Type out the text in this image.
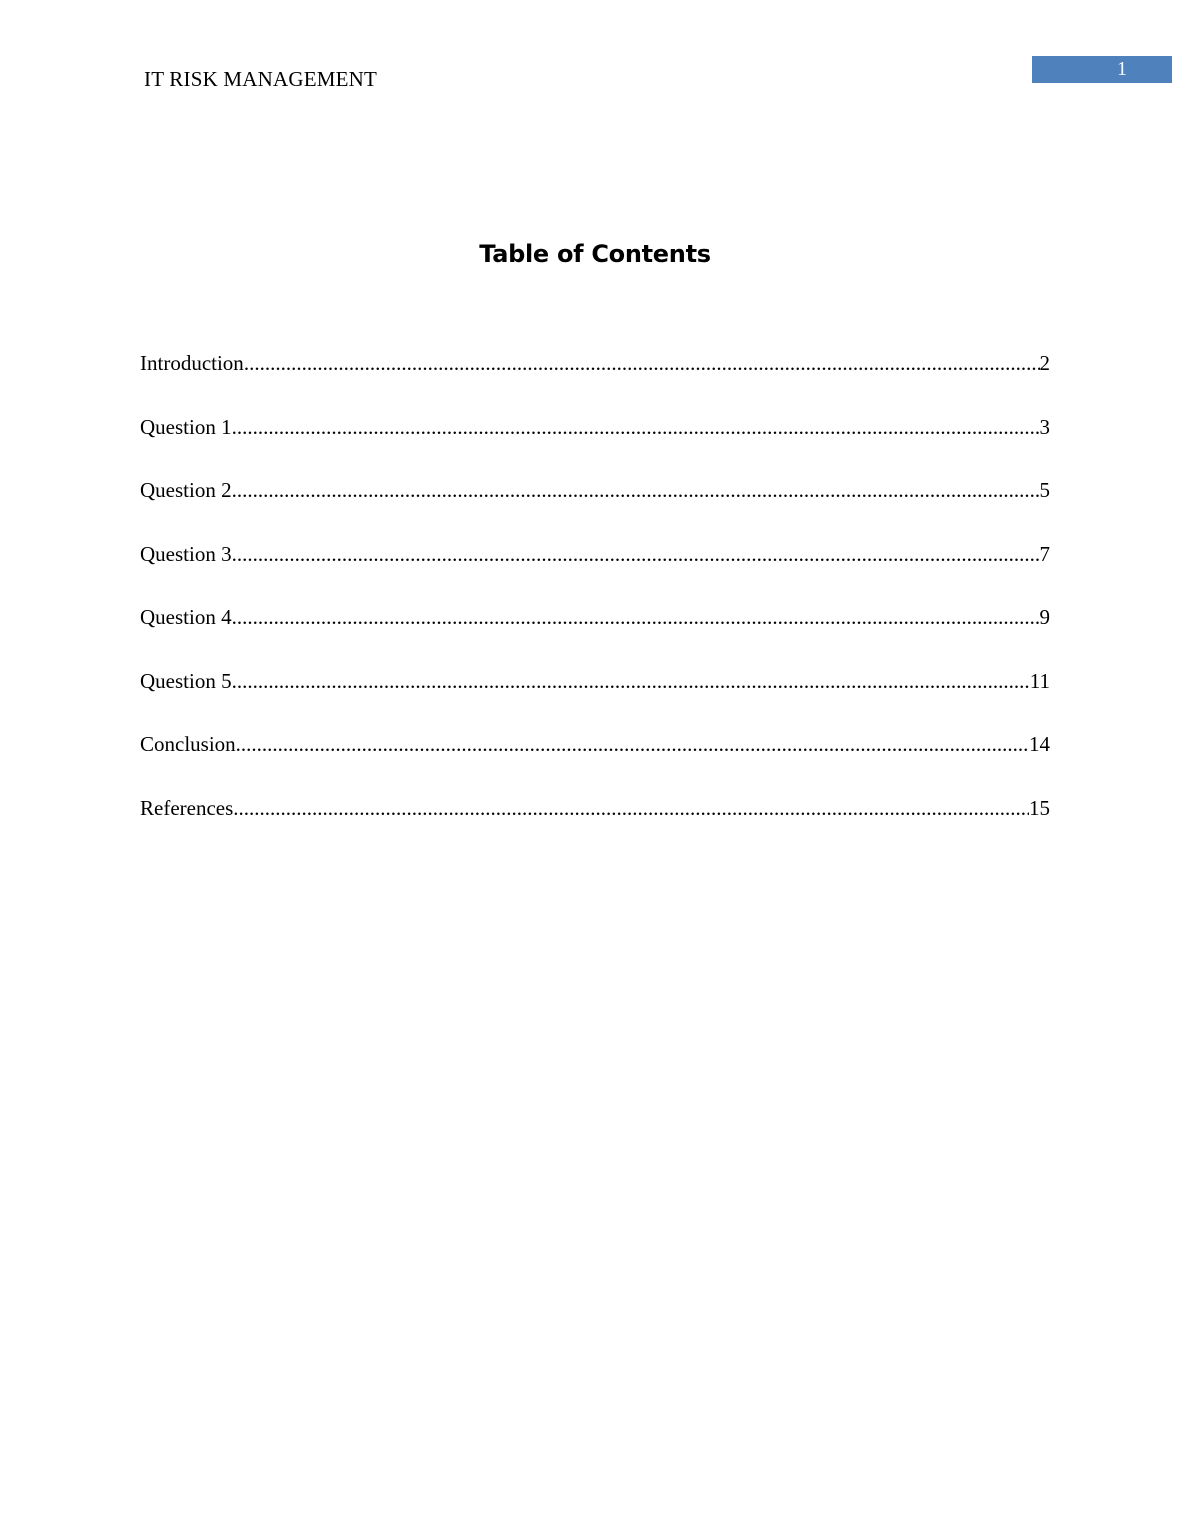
IT RISK MANAGEMENT	1
Table of Contents
Introduction .....	2
Question 1 .....	3
Question 2 .....	5
Question 3 .....	7
Question 4 .....	9
Question 5 .....	11
Conclusion .....	14
References .....	15
